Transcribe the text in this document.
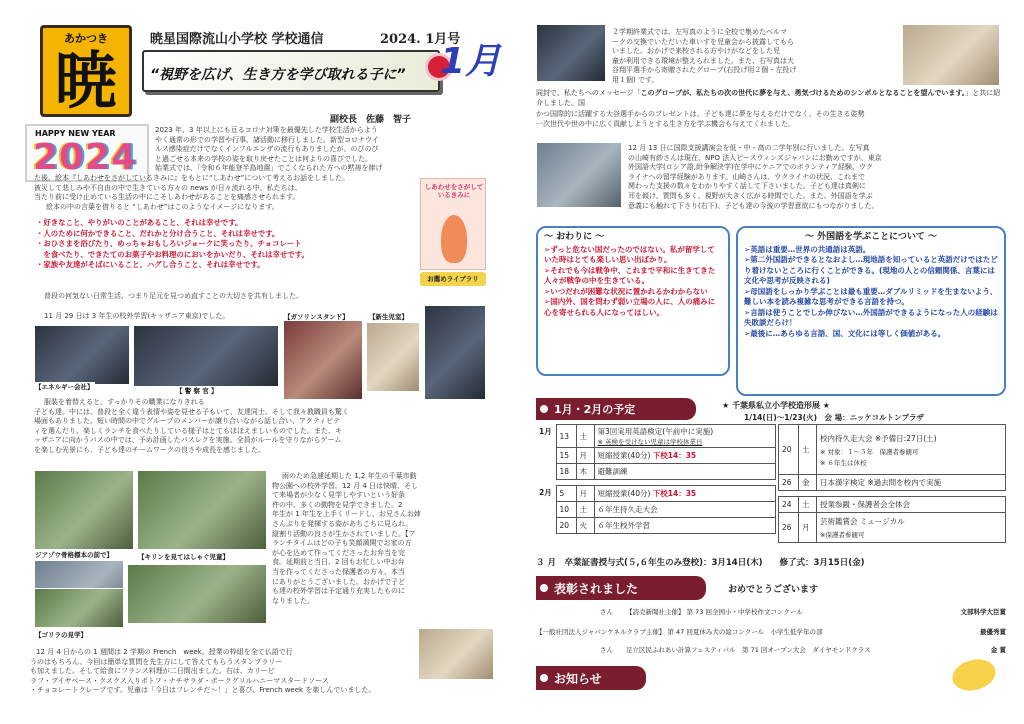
あかつき
暁
暁星国際流山小学校 学校通信	2024. 1月号
“視野を広げ、生き方を学び取れる子に” 1月
副校長　佐藤　智子
HAPPY NEW YEAR
2024
2023 年、3 年以上にも亘るコロナ対策を最優先した学校生活からよう
やく通常の形での学習や行事、諸活動に移行しました。新型コロナウイ
ルス感染症だけでなくインフルエンザの流行もありましたが、のびのび
と過ごせる本来の学校の姿を取り戻せたことは何よりの喜びでした。
始業式では、「令和６年能登半島地震」でこくなられた方への黙祷を捧げ
た後、絵本『しあわせをさがしているきみに』をもとに“しあわせ”について考えるお話をしました。
被災して悲しみや不自由の中で生きている方々の news が日々流れる中、私たちは、
当たり前に受け止めている生活の中にこそしあわせがあることを痛感させられます。
絵本の中の言葉を借りると “しあわせ”はこのようなイメージになります。
・好きなこと、やりがいのことがあること、それは幸せです。
・人のために何かできること、だれかと分け合うこと、それは幸せです。
・おひさまを浴びたり、めっちゃおもしろいジョークに笑ったり、チョコレート
　を食べたり、できたてのお菓子やお料理のにおいをかいだり、それは幸せです。
・家族や友達がそばにいること、ハグし合うこと、それは幸せです。
しあわせをさがしているきみに
お薦めライブラリ
普段の何気ない日常生活、つまり足元を見つめ直すことの大切さを共有しました。
11 月 29 日は 3 年生の校外学習(キッザニア東京)でした。
【エネルギー会社】	【 警 察 官 】
【ガソリンスタンド】	【新生児室】
服装を着替えると、すっかりその職業になりきれる
子ども達。中には、普段と全く違う表情や姿を見せる子もいて、友達同士、そして我々教職員も驚く
場面もありました。短い時間の中でグループのメンバーが譲り合いながら話し合い、アクティビテ
ィを選んだり、楽しくランチを食べたりしている様子はとてもほほえましいものでした。また、キ
ッザニアに向かうバスの中では、予め計画したバスレクを実施。全員がルールを守りながらゲーム
を楽しむ光景にも、子ども達のチームワークの良さや成長を感じました。
ジアゾウ骨格標本の前で】	【キリンを見てはしゃぐ児童】
【ゴリラの見学】
雨のため急遽延期した 1,2 年生の千葉市動
物公園への校外学習。12 月 4 日は快晴、そし
て来場者が少なく見学しやすいという好条
件の中、多くの動物を見学できました。2
年生が 1 年生を上手くリードし、お兄さんお姉
さんぶりを発揮する姿があちこちに見られ、
縦割り活動の良さが生かされていました。【ア
ランチタイムはどの子も笑顔満開でお家の方
が心を込めて作ってくださったお弁当を完
食。延期前と当日、2 回もお忙しい中お弁
当を作ってくださった保護者の方々、本当
にありがとうございました。おかげで子ど
も達の校外学習は予定通り充実したものに
なりました。
12 月 4 日からの 1 週間は 2 学期の French　week。授業の枠組を全て仏語で行
うのはもちろん、今回は簡単な質問を先生方にして答えてもらうスタンプラリー
も加えました。そして給食にフランス料理が二日間出ました。右は、カリービ
ラフ・ブイヤベース・クスクス入りポトフ・ナチサラダ・ポークグリルハニーマスタードソース
・チョコレートクレープです。児童は「今日はフレンチだ～！」と喜び、French week を楽しんでいました。
２学期終業式では、左写真のように全校で集めたベルマ
ークの交換でいただいた車いすを児童会から披露してもら
いました。おかげで来校される方やけがなどをした児
童が利用できる環境が整えられました。また、右写真は大
谷翔平選手から寄贈されたグローブ(右投げ用２個・左投げ
用１個) です。
同封で、私たちへのメッセージ「このグローブが、私たちの次の世代に夢を与え、勇気づけるためのシンボルとなることを望んでいます。」と共に紹介しました。国
かつ国際的に活躍する大谷選手からのプレゼントは、子ども達に夢を与えるだけでなく、その生きる姿勢
一次世代や世の中に広く貢献しようとする生き方を学ぶ機会も与えてくれました。
12 月 13 日に国際支援講演会を低・中・高の二学年別に行いました。左写真
の山崎有紗さんは現在、NPO 法人ピースウィンズジャパンにお勤めですが、東京
外国語大学(ロシア語,紛争解決学)在学中にケニアでのボランティア経験、ウク
ライナへの留学経験があります。山崎さんは、ウクライナの状況、これまで
関わった支援の数々をわかりやすく話して下さいました。子ども達は真剣に
耳を傾け、質問も多く、視野が大きく広がる時間でした。また、外国語を学ぶ
意義にも触れて下さり(右下)、子ども達の今後の学習意欲にもつながりました。
～ おわりに ～
➢ずっと危ない国だったのではない。私が留学していた時はとても楽しい思い出ばかり。
➢それでも今は戦争中、これまで平和に生きてきた人々が戦争の中を生きている。
➢いつだれが困難な状況に置かれるかわからない
➢国内外、国を問わず弱い立場の人に、人の痛みに心を寄せられる人になってほしい。
～ 外国語を学ぶことについて ～
➢英語は重要…世界の共通語は英語。
➢第二外国語ができるとなおよし…現地語を知っていると英語だけではたどり着けないところに行くことができる。(現地の人との信頼関係、言葉には文化や思考が反映される)
➢母国語をしっかり学ぶことは最も重要…ダブルリミッドを生まないよう、難しい本を読み複雑な思考ができる言語を持つ。
➢言語は使うことでしか伸びない…外国語ができるようになった人の経験は失敗談だらけ！
➢最後に…あらゆる言語、国、文化には等しく価値がある。
1月・2月の予定	★ 千葉県私立小学校造形展 ★
1/14(日)～1/23(火)　会 場：ニッケコルトンプラザ
1月	13	土	第3回実用英語検定(午前中に実施)
※ 英検を受けない児童は学校休業日

	15	月	短縮授業(40分) 下校14：35
	18	木	避難訓練

2月	5	月	短縮授業(40分) 下校14：35
	10	土	６年生持久走大会
	20	火	６年生校外学習
20	土	校内持久走大会 ※予備日:27日(土)
※ 対象：１～５年　保護者参観可
※ ６年生は休校

26	金	日本漢字検定 ※過去問を校内で実施

24	土	授業参観・保護者会全体会
26	月	芸術鑑賞会 ミュージカル
※保護者参観可
３ 月　卒業証書授与式(５,６年生のみ登校)：3月14日(木)　　修了式：3月15日(金)
表彰されました	おめでとうございます
さん 【読売新聞社主催】 第 73 回全国小・中学校作文コンクール	文部科学大臣賞
【一般社団法人ジャパンケネルクラブ主催】 第 47 回夏休み犬の絵コンクール　小学生低学年の部	最優秀賞
さん 足立区民ふれあい計算フェスティバル　第 71 回オープン大会　ダイヤモンドクラス	金 賞
お知らせ
